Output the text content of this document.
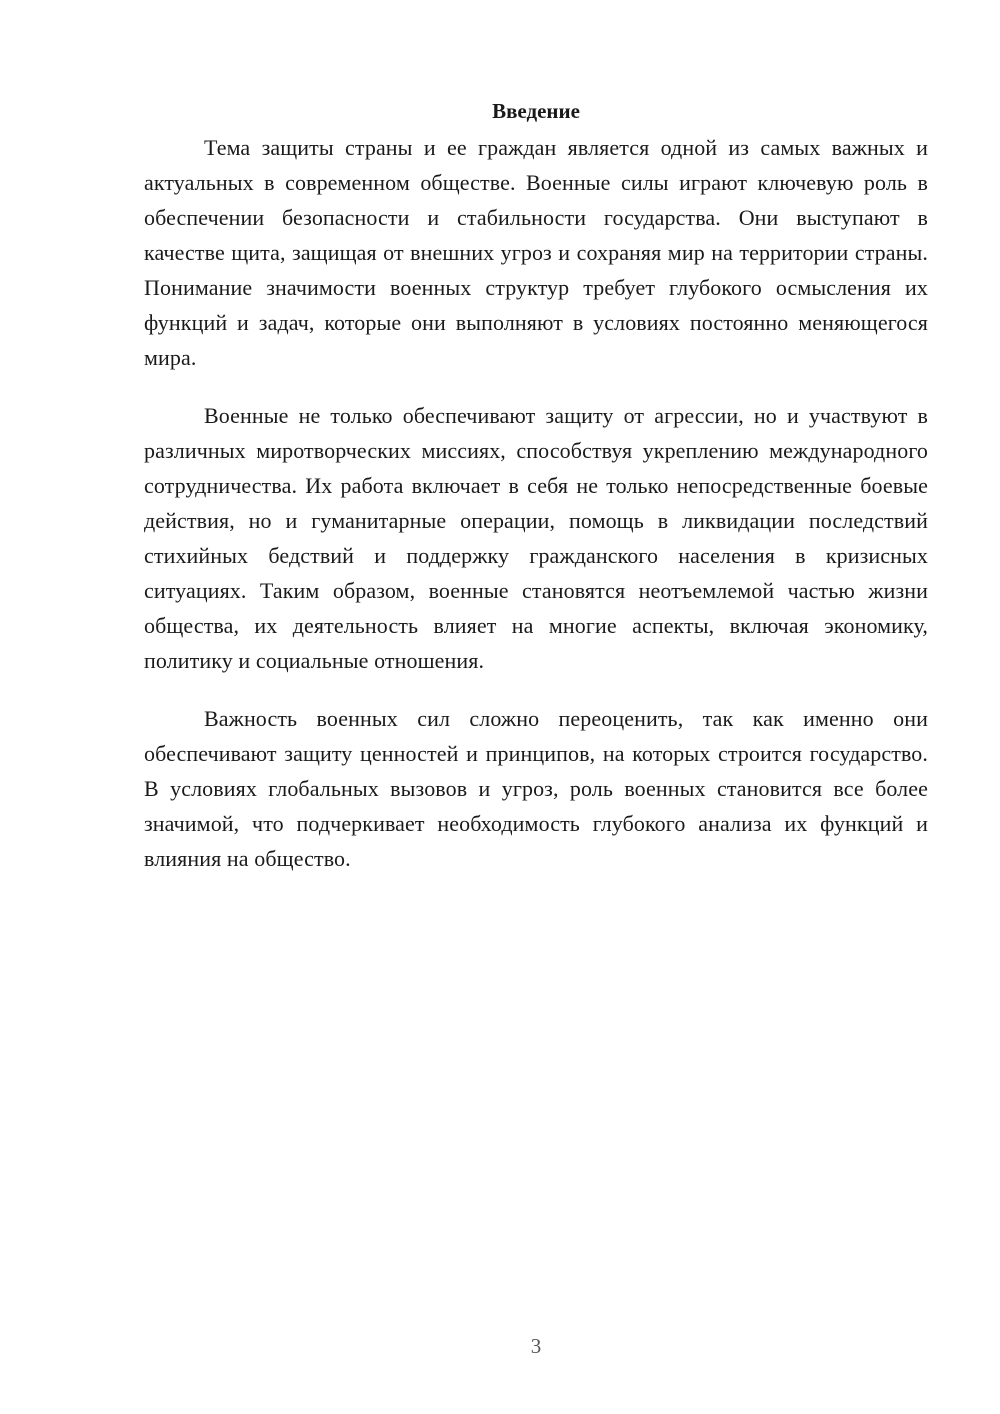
Введение

Тема защиты страны и ее граждан является одной из самых важных и актуальных в современном обществе. Военные силы играют ключевую роль в обеспечении безопасности и стабильности государства. Они выступают в качестве щита, защищая от внешних угроз и сохраняя мир на территории страны. Понимание значимости военных структур требует глубокого осмысления их функций и задач, которые они выполняют в условиях постоянно меняющегося мира.

Военные не только обеспечивают защиту от агрессии, но и участвуют в различных миротворческих миссиях, способствуя укреплению международного сотрудничества. Их работа включает в себя не только непосредственные боевые действия, но и гуманитарные операции, помощь в ликвидации последствий стихийных бедствий и поддержку гражданского населения в кризисных ситуациях. Таким образом, военные становятся неотъемлемой частью жизни общества, их деятельность влияет на многие аспекты, включая экономику, политику и социальные отношения.

Важность военных сил сложно переоценить, так как именно они обеспечивают защиту ценностей и принципов, на которых строится государство. В условиях глобальных вызовов и угроз, роль военных становится все более значимой, что подчеркивает необходимость глубокого анализа их функций и влияния на общество.

3
